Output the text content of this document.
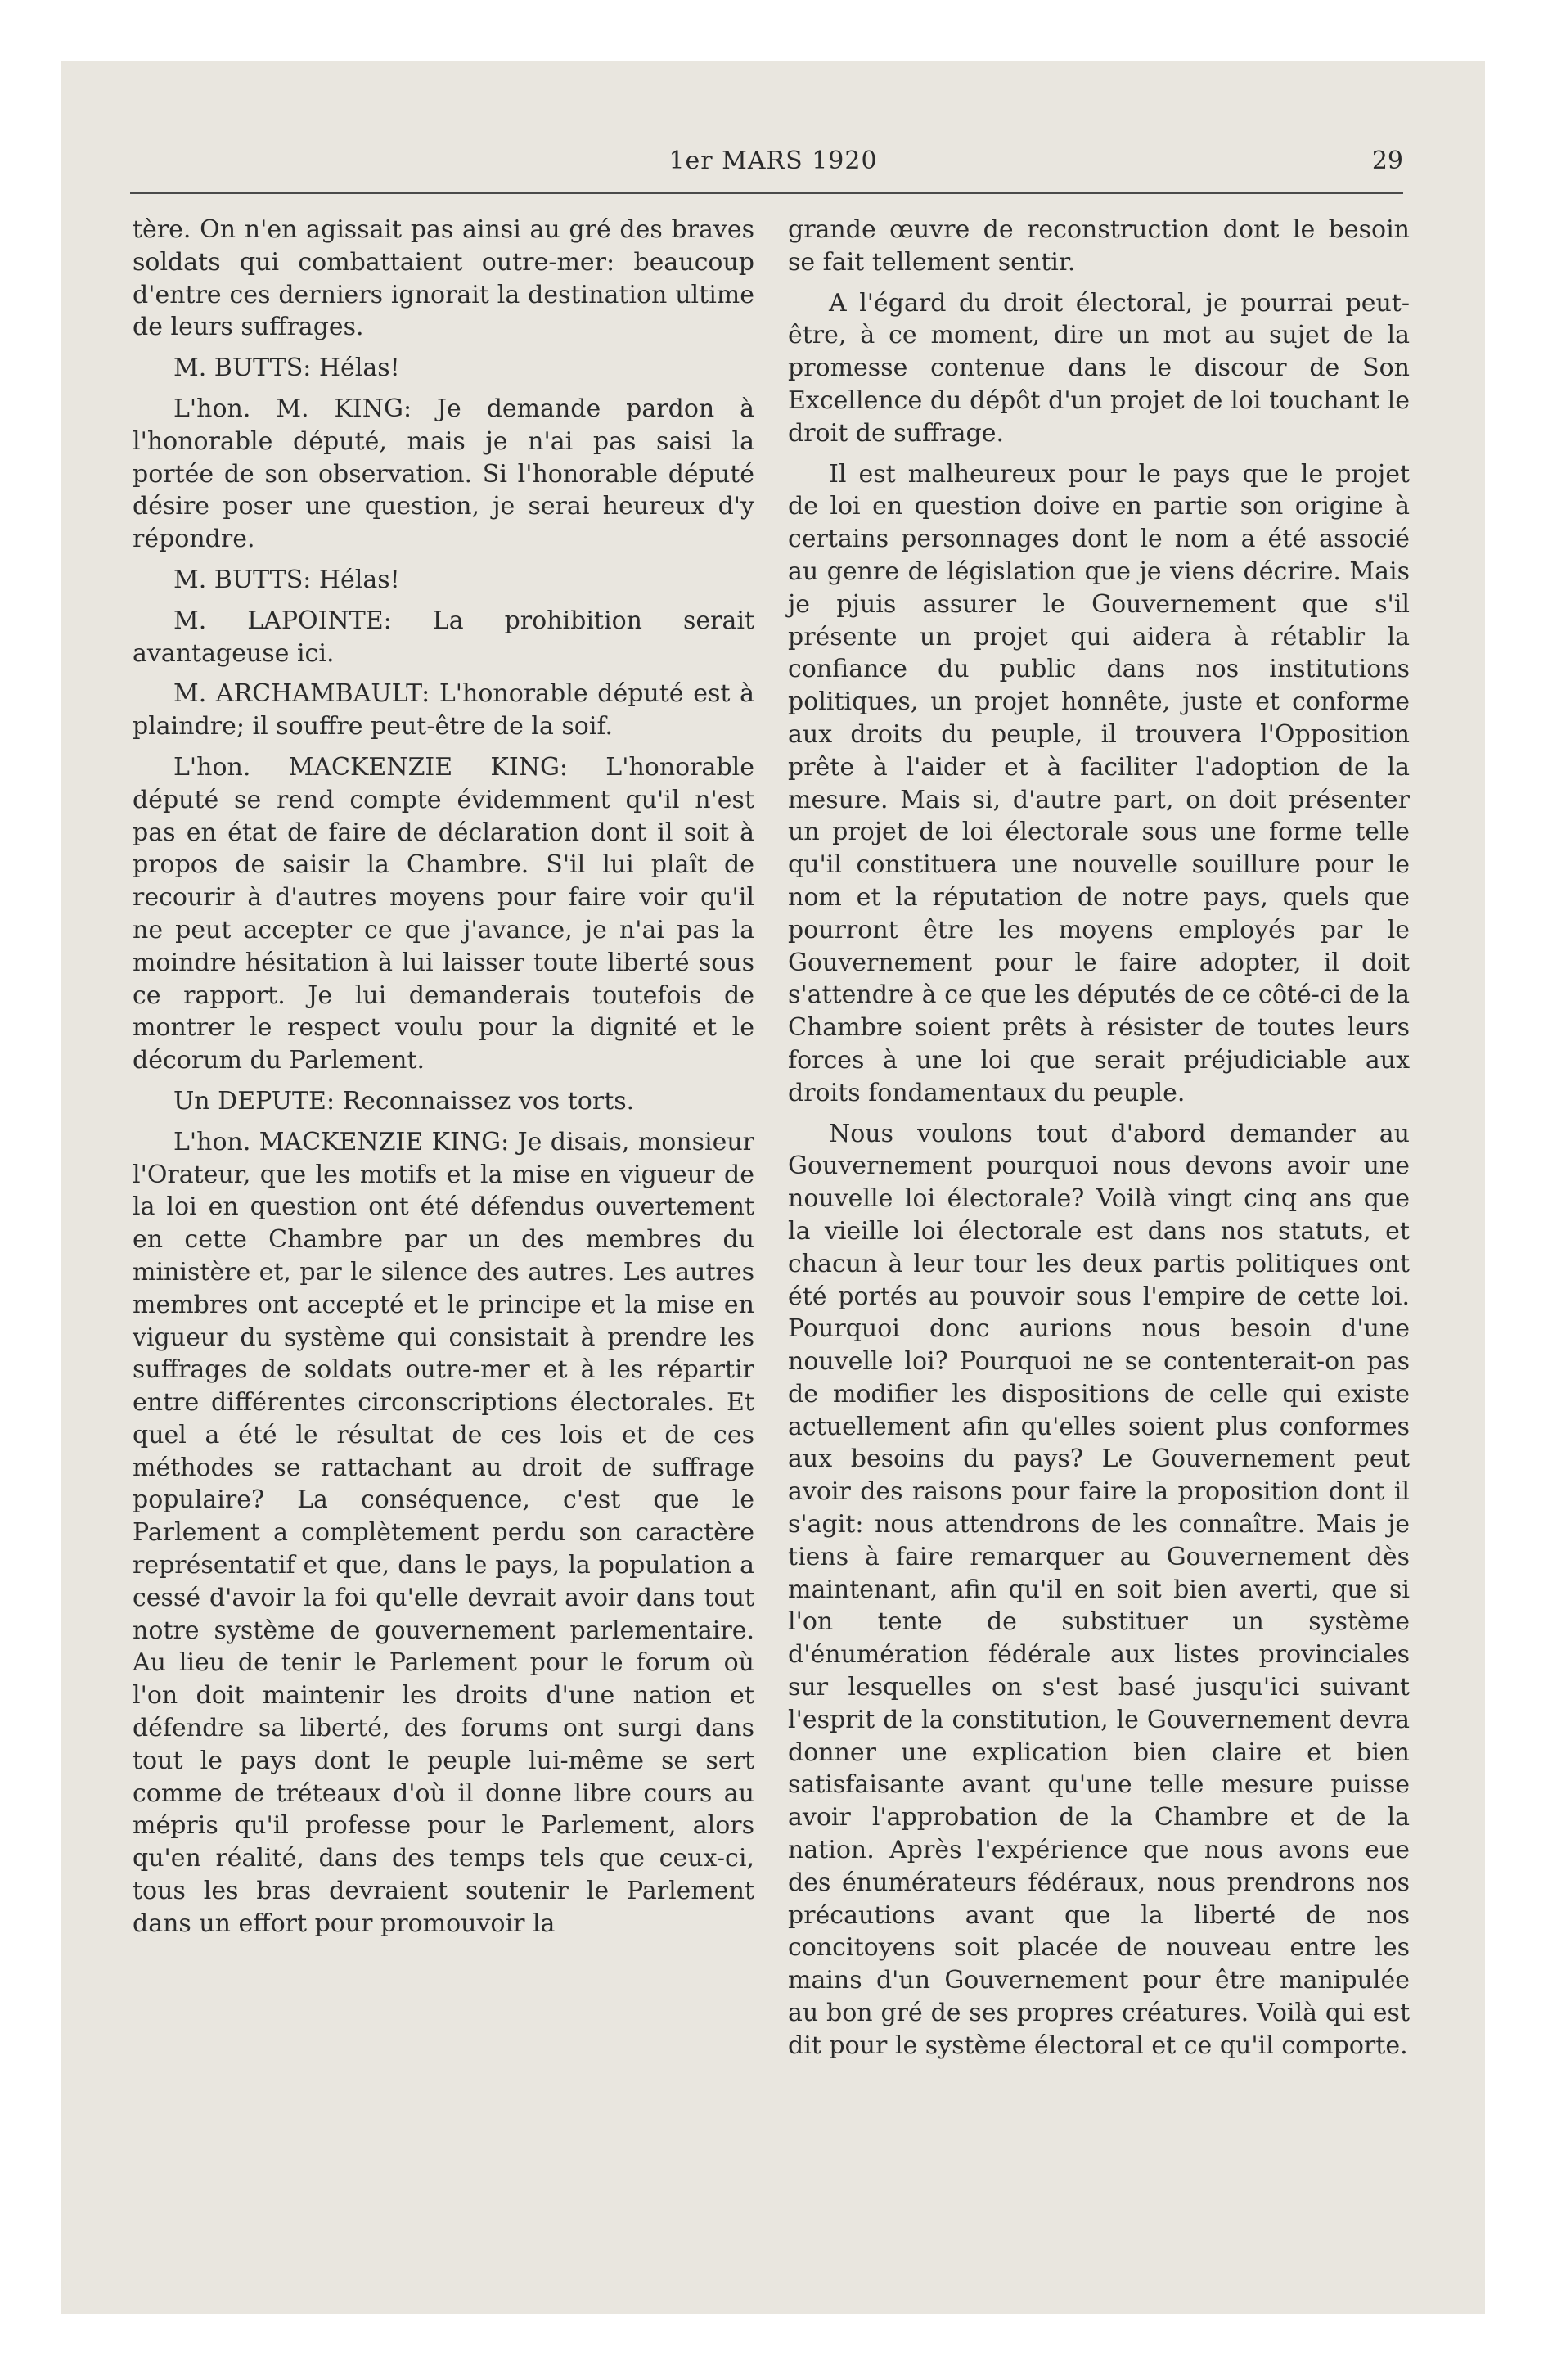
1er MARS 1920	29

tère. On n'en agissait pas ainsi au gré des braves soldats qui combattaient outre-mer: beaucoup d'entre ces derniers ignorait la destination ultime de leurs suffrages.

M. BUTTS: Hélas!

L'hon. M. KING: Je demande pardon à l'honorable député, mais je n'ai pas saisi la portée de son observation. Si l'honorable député désire poser une question, je serai heureux d'y répondre.

M. BUTTS: Hélas!

M. LAPOINTE: La prohibition serait avantageuse ici.

M. ARCHAMBAULT: L'honorable député est à plaindre; il souffre peut-être de la soif.

L'hon. MACKENZIE KING: L'honorable député se rend compte évidemment qu'il n'est pas en état de faire de déclaration dont il soit à propos de saisir la Chambre. S'il lui plaît de recourir à d'autres moyens pour faire voir qu'il ne peut accepter ce que j'avance, je n'ai pas la moindre hésitation à lui laisser toute liberté sous ce rapport. Je lui demanderais toutefois de montrer le respect voulu pour la dignité et le décorum du Parlement.

Un DEPUTE: Reconnaissez vos torts.

L'hon. MACKENZIE KING: Je disais, monsieur l'Orateur, que les motifs et la mise en vigueur de la loi en question ont été défendus ouvertement en cette Chambre par un des membres du ministère et, par le silence des autres. Les autres membres ont accepté et le principe et la mise en vigueur du système qui consistait à prendre les suffrages de soldats outre-mer et à les répartir entre différentes circonscriptions électorales. Et quel a été le résultat de ces lois et de ces méthodes se rattachant au droit de suffrage populaire? La conséquence, c'est que le Parlement a complètement perdu son caractère représentatif et que, dans le pays, la population a cessé d'avoir la foi qu'elle devrait avoir dans tout notre système de gouvernement parlementaire. Au lieu de tenir le Parlement pour le forum où l'on doit maintenir les droits d'une nation et défendre sa liberté, des forums ont surgi dans tout le pays dont le peuple lui-même se sert comme de tréteaux d'où il donne libre cours au mépris qu'il professe pour le Parlement, alors qu'en réalité, dans des temps tels que ceux-ci, tous les bras devraient soutenir le Parlement dans un effort pour promouvoir la

grande œuvre de reconstruction dont le besoin se fait tellement sentir.

A l'égard du droit électoral, je pourrai peut-être, à ce moment, dire un mot au sujet de la promesse contenue dans le discour de Son Excellence du dépôt d'un projet de loi touchant le droit de suffrage.

Il est malheureux pour le pays que le projet de loi en question doive en partie son origine à certains personnages dont le nom a été associé au genre de législation que je viens décrire. Mais je pjuis assurer le Gouvernement que s'il présente un projet qui aidera à rétablir la confiance du public dans nos institutions politiques, un projet honnête, juste et conforme aux droits du peuple, il trouvera l'Opposition prête à l'aider et à faciliter l'adoption de la mesure. Mais si, d'autre part, on doit présenter un projet de loi électorale sous une forme telle qu'il constituera une nouvelle souillure pour le nom et la réputation de notre pays, quels que pourront être les moyens employés par le Gouvernement pour le faire adopter, il doit s'attendre à ce que les députés de ce côté-ci de la Chambre soient prêts à résister de toutes leurs forces à une loi que serait préjudiciable aux droits fondamentaux du peuple.

Nous voulons tout d'abord demander au Gouvernement pourquoi nous devons avoir une nouvelle loi électorale? Voilà vingt cinq ans que la vieille loi électorale est dans nos statuts, et chacun à leur tour les deux partis politiques ont été portés au pouvoir sous l'empire de cette loi. Pourquoi donc aurions nous besoin d'une nouvelle loi? Pourquoi ne se contenterait-on pas de modifier les dispositions de celle qui existe actuellement afin qu'elles soient plus conformes aux besoins du pays? Le Gouvernement peut avoir des raisons pour faire la proposition dont il s'agit: nous attendrons de les connaître. Mais je tiens à faire remarquer au Gouvernement dès maintenant, afin qu'il en soit bien averti, que si l'on tente de substituer un système d'énumération fédérale aux listes provinciales sur lesquelles on s'est basé jusqu'ici suivant l'esprit de la constitution, le Gouvernement devra donner une explication bien claire et bien satisfaisante avant qu'une telle mesure puisse avoir l'approbation de la Chambre et de la nation. Après l'expérience que nous avons eue des énumérateurs fédéraux, nous prendrons nos précautions avant que la liberté de nos concitoyens soit placée de nouveau entre les mains d'un Gouvernement pour être manipulée au bon gré de ses propres créatures. Voilà qui est dit pour le système électoral et ce qu'il comporte.
